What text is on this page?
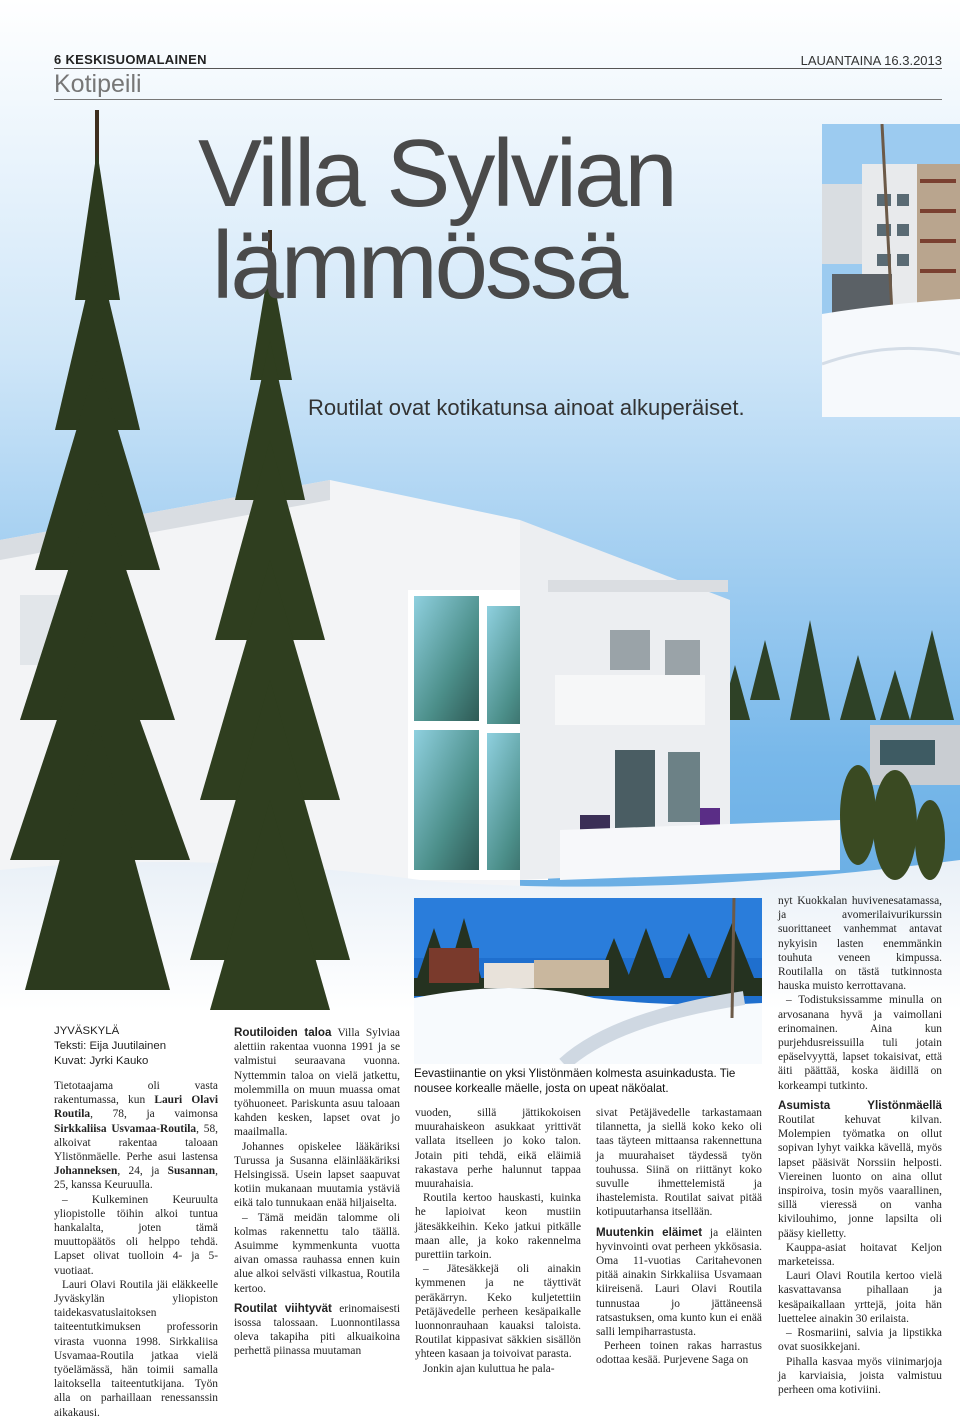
6 KESKISUOMALAINEN	LAUANTAINA 16.3.2013
Kotipeili
Villa Sylvian
lämmössä
Routilat ovat kotikatunsa ainoat alkuperäiset.
Eevastiinantie on yksi Ylistönmäen kolmesta asuinkadusta. Tie nousee korkealle mäelle, josta on upeat näköalat.

JYVÄSKYLÄ

Teksti: Eija Juutilainen

Kuvat: Jyrki Kauko

Tietotaajama oli vasta rakentumassa, kun Lauri Olavi Routila, 78, ja vaimonsa Sirkkaliisa Usvamaa-Routila, 58, alkoivat rakentaa taloaan Ylistönmäelle. Perhe asui lastensa Johanneksen, 24, ja Susannan, 25, kanssa Keuruulla.

– Kulkeminen Keuruulta yliopistolle töihin alkoi tuntua hankalalta, joten tämä muuttopäätös oli helppo tehdä. Lapset olivat tuolloin 4- ja 5-vuotiaat.

Lauri Olavi Routila jäi eläkkeelle Jyväskylän yliopiston taidekasvatuslaitoksen taiteentutkimuksen professorin virasta vuonna 1998. Sirkkaliisa Usvamaa-Routila jatkaa vielä työelämässä, hän toimii samalla laitoksella taiteentutkijana. Työn alla on parhaillaan renessanssin aikakausi.

Routiloiden taloa Villa Sylviaa alettiin rakentaa vuonna 1991 ja se valmistui seuraavana vuonna. Nyttemmin taloa on vielä jatkettu, molemmilla on muun muassa omat työhuoneet. Pariskunta asuu taloaan kahden kesken, lapset ovat jo maailmalla.

Johannes opiskelee lääkäriksi Turussa ja Susanna eläinlääkäriksi Helsingissä. Usein lapset saapuvat kotiin mukanaan muutamia ystäviä eikä talo tunnukaan enää hiljaiselta.

– Tämä meidän talomme oli kolmas rakennettu talo täällä. Asuimme kymmenkunta vuotta aivan omassa rauhassa ennen kuin alue alkoi selvästi vilkastua, Routila kertoo.

Routilat viihtyvät erinomaisesti isossa talossaan. Luonnontilassa oleva takapiha piti alkuaikoina perhettä piinassa muutaman

vuoden, sillä jättikokoisen muurahaiskeon asukkaat yrittivät vallata itselleen jo koko talon. Jotain piti tehdä, eikä eläimiä rakastava perhe halunnut tappaa muurahaisia.

Routila kertoo hauskasti, kuinka he lapioivat keon mustiin jätesäkkeihin. Keko jatkui pitkälle maan alle, ja koko rakennelma purettiin tarkoin.

– Jätesäkkejä oli ainakin kymmenen ja ne täyttivät peräkärryn. Keko kuljetettiin Petäjävedelle perheen kesäpaikalle luonnonrauhaan kauaksi taloista. Routilat kippasivat säkkien sisällön yhteen kasaan ja toivoivat parasta.

Jonkin ajan kuluttua he pala-

sivat Petäjävedelle tarkastamaan tilannetta, ja siellä koko keko oli taas täyteen mittaansa rakennettuna ja muurahaiset täydessä työn touhussa. Siinä on riittänyt koko suvulle ihmettelemistä ja ihastelemista. Routilat saivat pitää kotipuutarhansa itsellään.

Muutenkin eläimet ja eläinten hyvinvointi ovat perheen ykkösasia. Oma 11-vuotias Caritahevonen pitää ainakin Sirkkaliisa Usvamaan kiireisenä. Lauri Olavi Routila tunnustaa jo jättäneensä ratsastuksen, oma kunto kun ei enää salli lempiharrastusta.

Perheen toinen rakas harrastus odottaa kesää. Purjevene Saga on

nyt Kuokkalan huvivenesatamassa, ja avomerilaivurikurssin suorittaneet vanhemmat antavat nykyisin lasten enemmänkin touhuta veneen kimpussa. Routilalla on tästä tutkinnosta hauska muisto kerrottavana.

– Todistuksissamme minulla on arvosanana hyvä ja vaimollani erinomainen. Aina kun purjehdusreissuilla tuli jotain epäselvyyttä, lapset tokaisivat, että äiti päättää, koska äidillä on korkeampi tutkinto.

Asumista Ylistönmäellä Routilat kehuvat kilvan. Molempien työmatka on ollut sopivan lyhyt vaikka kävellä, myös lapset pääsivät Norssiin helposti. Viereinen luonto on aina ollut inspiroiva, tosin myös vaarallinen, sillä vieressä on vanha kivilouhimo, jonne lapsilta oli pääsy kielletty.

Kauppa-asiat hoitavat Keljon marketeissa.

Lauri Olavi Routila kertoo vielä kasvattavansa pihallaan ja kesäpaikallaan yrttejä, joita hän luettelee ainakin 30 erilaista.

– Rosmariini, salvia ja lipstikka ovat suosikkejani.

Pihalla kasvaa myös viinimarjoja ja karviaisia, joista valmistuu perheen oma kotiviini.
